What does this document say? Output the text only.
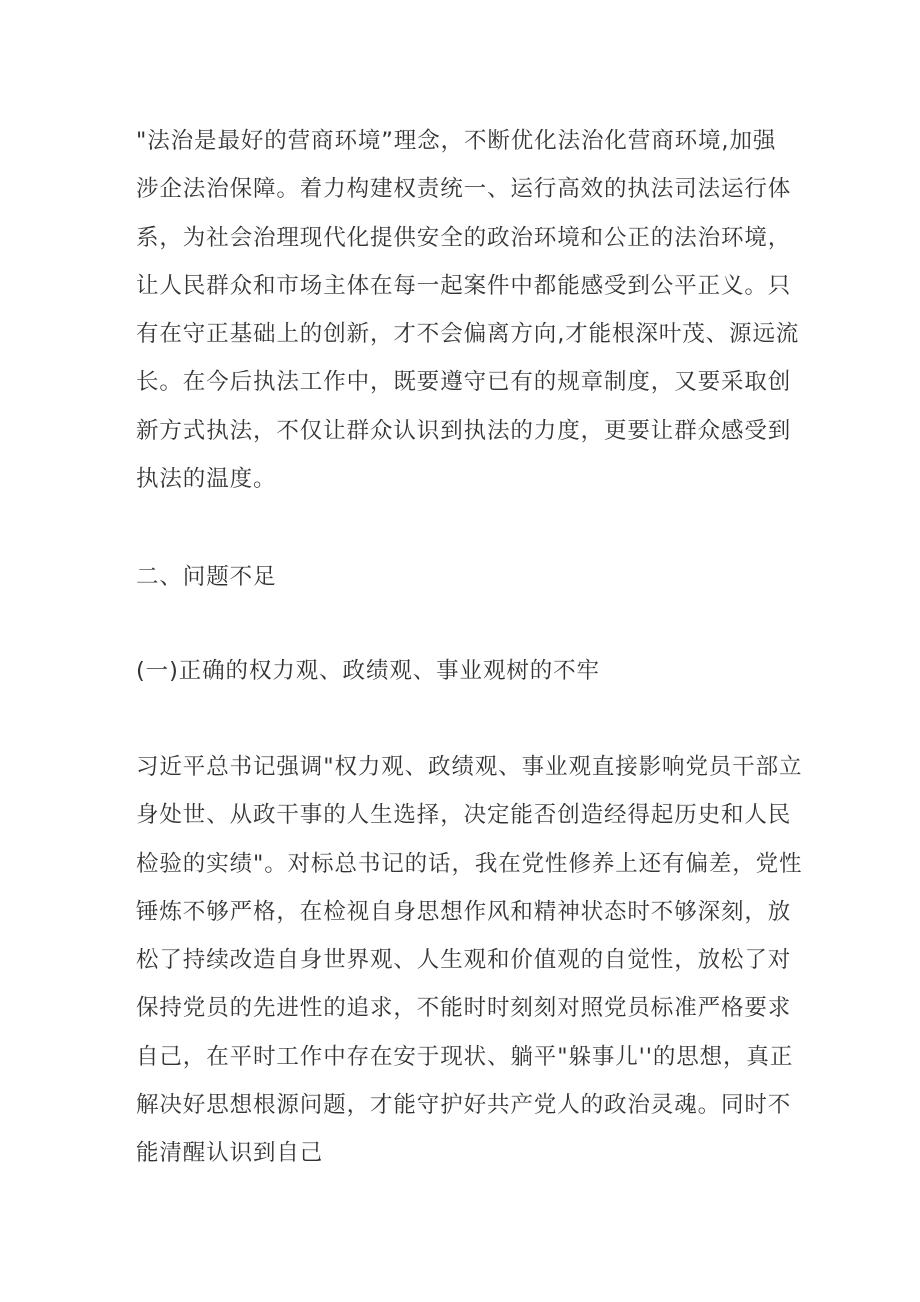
"法治是最好的营商环境”理念，不断优化法治化营商环境,加强
涉企法治保障。着力构建权责统一、运行高效的执法司法运行体
系，为社会治理现代化提供安全的政治环境和公正的法治环境，
让人民群众和市场主体在每一起案件中都能感受到公平正义。只
有在守正基础上的创新，才不会偏离方向,才能根深叶茂、源远流
长。在今后执法工作中，既要遵守已有的规章制度，又要采取创
新方式执法，不仅让群众认识到执法的力度，更要让群众感受到
执法的温度。
二、问题不足
(一)正确的权力观、政绩观、事业观树的不牢
习近平总书记强调"权力观、政绩观、事业观直接影响党员干部立
身处世、从政干事的人生选择，决定能否创造经得起历史和人民
检验的实绩"。对标总书记的话，我在党性修养上还有偏差，党性
锤炼不够严格，在检视自身思想作风和精神状态时不够深刻，放
松了持续改造自身世界观、人生观和价值观的自觉性，放松了对
保持党员的先进性的追求，不能时时刻刻对照党员标准严格要求
自己，在平时工作中存在安于现状、躺平"躲事儿''的思想，真正
解决好思想根源问题，才能守护好共产党人的政治灵魂。同时不
能清醒认识到自己
